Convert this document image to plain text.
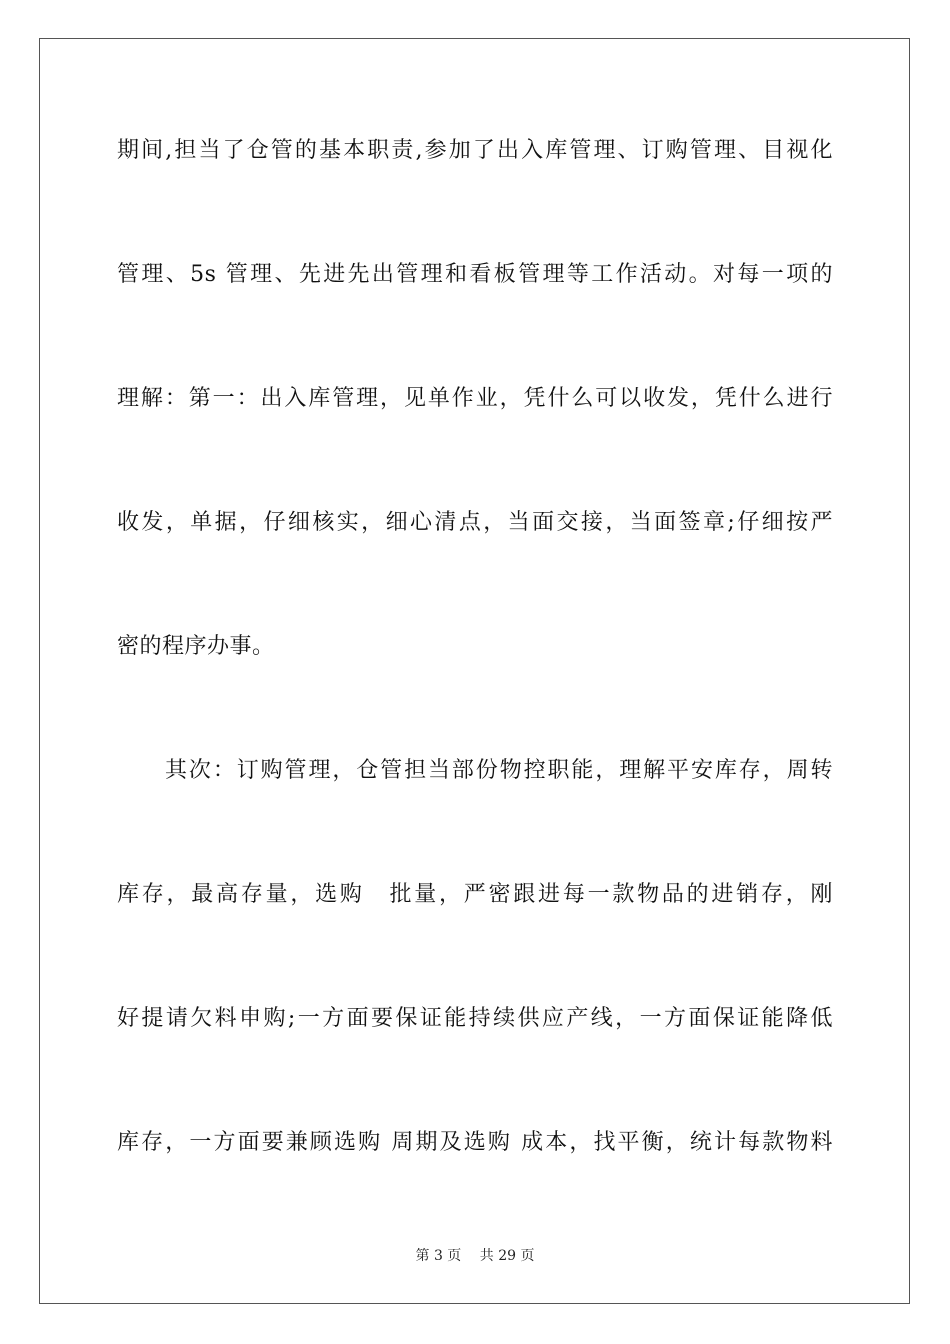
期间,担当了仓管的基本职责,参加了出入库管理、订购管理、目视化
管理、5s 管理、先进先出管理和看板管理等工作活动。对每一项的
理解：第一：出入库管理，见单作业，凭什么可以收发，凭什么进行
收发，单据，仔细核实，细心清点，当面交接，当面签章;仔细按严
密的程序办事。
其次：订购管理，仓管担当部份物控职能，理解平安库存，周转
库存，最高存量，选购　批量，严密跟进每一款物品的进销存，刚
好提请欠料申购;一方面要保证能持续供应产线，一方面保证能降低
库存，一方面要兼顾选购 周期及选购 成本，找平衡，统计每款物料
第 3 页 共 29 页
